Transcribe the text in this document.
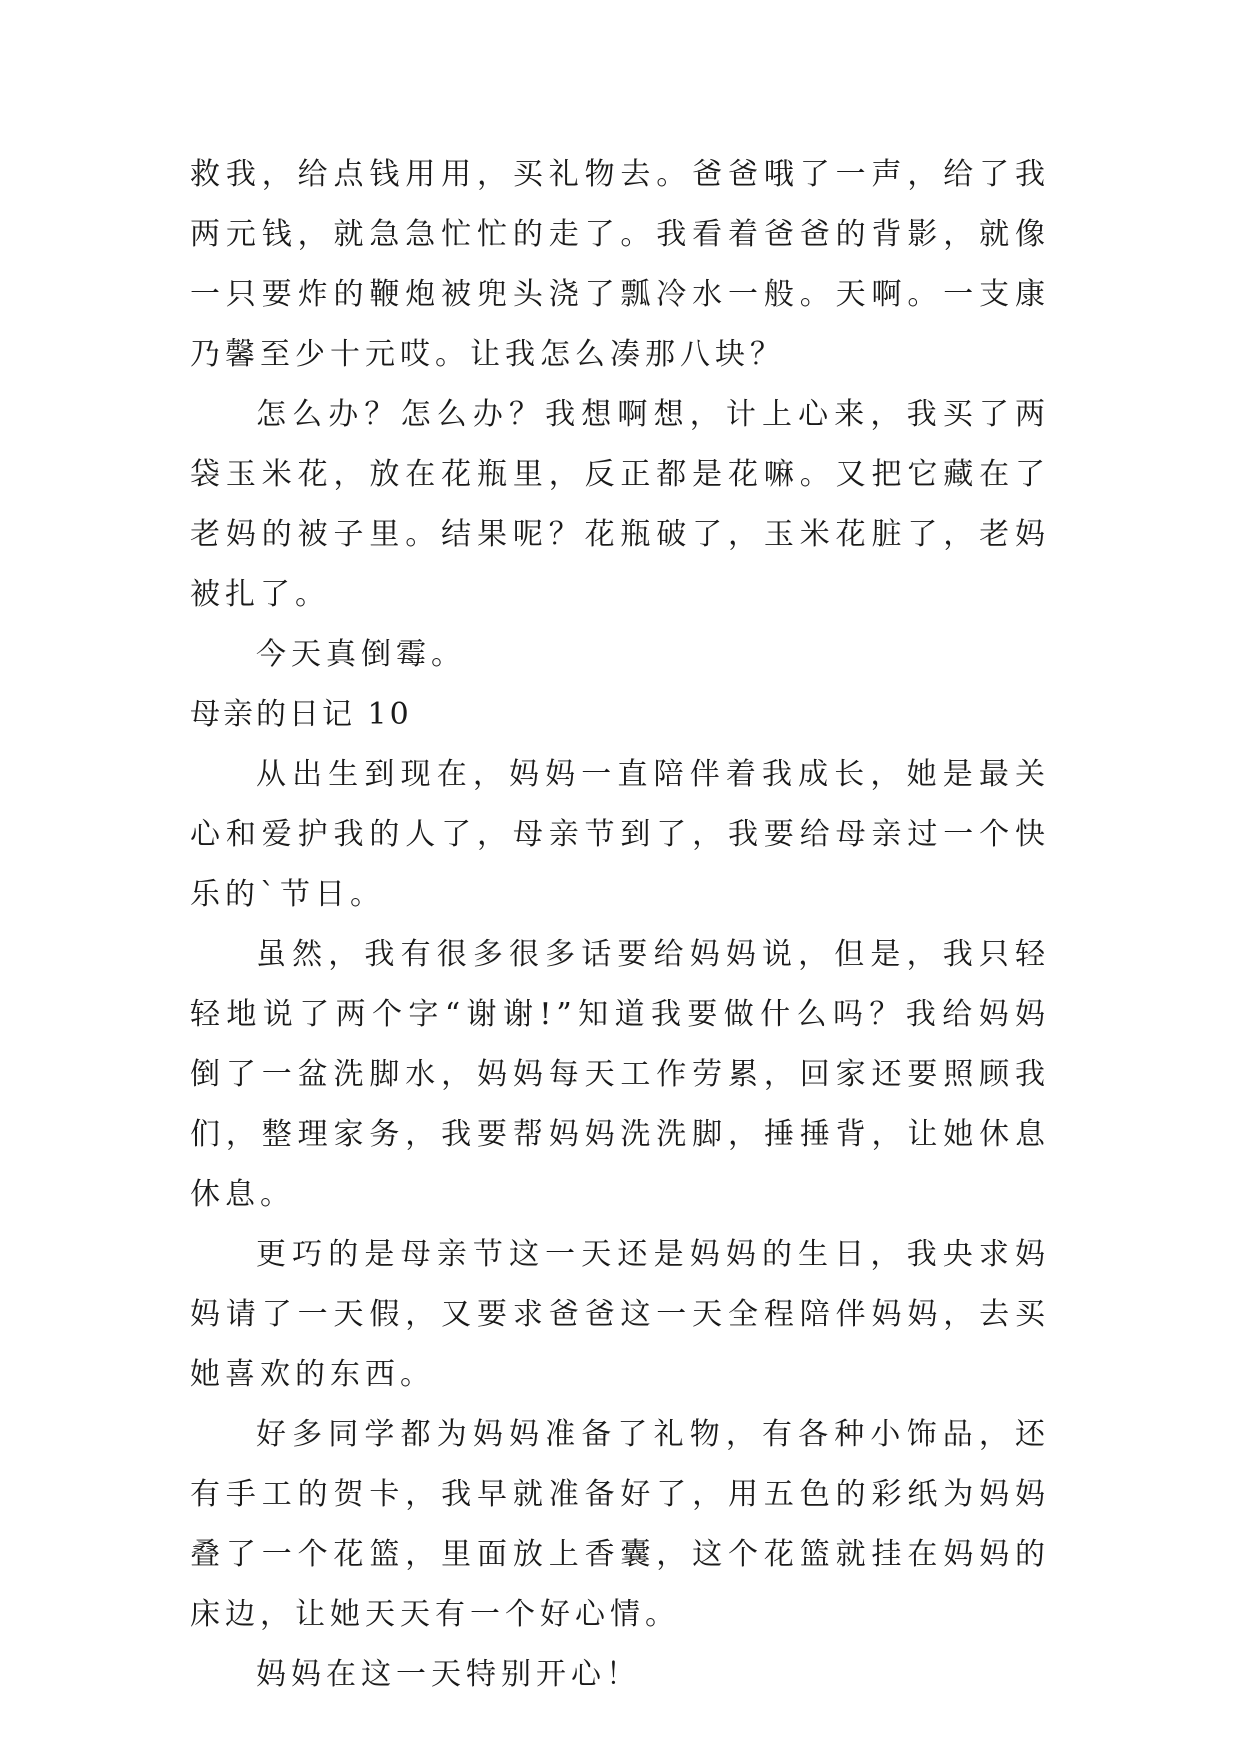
救我，给点钱用用，买礼物去。爸爸哦了一声，给了我两元钱，就急急忙忙的走了。我看着爸爸的背影，就像一只要炸的鞭炮被兜头浇了瓢冷水一般。天啊。一支康乃馨至少十元哎。让我怎么凑那八块？

怎么办？怎么办？我想啊想，计上心来，我买了两袋玉米花，放在花瓶里，反正都是花嘛。又把它藏在了老妈的被子里。结果呢？花瓶破了，玉米花脏了，老妈被扎了。

今天真倒霉。

母亲的日记 10

从出生到现在，妈妈一直陪伴着我成长，她是最关心和爱护我的人了，母亲节到了，我要给母亲过一个快乐的`节日。

虽然，我有很多很多话要给妈妈说，但是，我只轻轻地说了两个字“谢谢!”知道我要做什么吗？我给妈妈倒了一盆洗脚水，妈妈每天工作劳累，回家还要照顾我们，整理家务，我要帮妈妈洗洗脚，捶捶背，让她休息休息。

更巧的是母亲节这一天还是妈妈的生日，我央求妈妈请了一天假，又要求爸爸这一天全程陪伴妈妈，去买她喜欢的东西。

好多同学都为妈妈准备了礼物，有各种小饰品，还有手工的贺卡，我早就准备好了，用五色的彩纸为妈妈叠了一个花篮，里面放上香囊，这个花篮就挂在妈妈的床边，让她天天有一个好心情。

妈妈在这一天特别开心！
